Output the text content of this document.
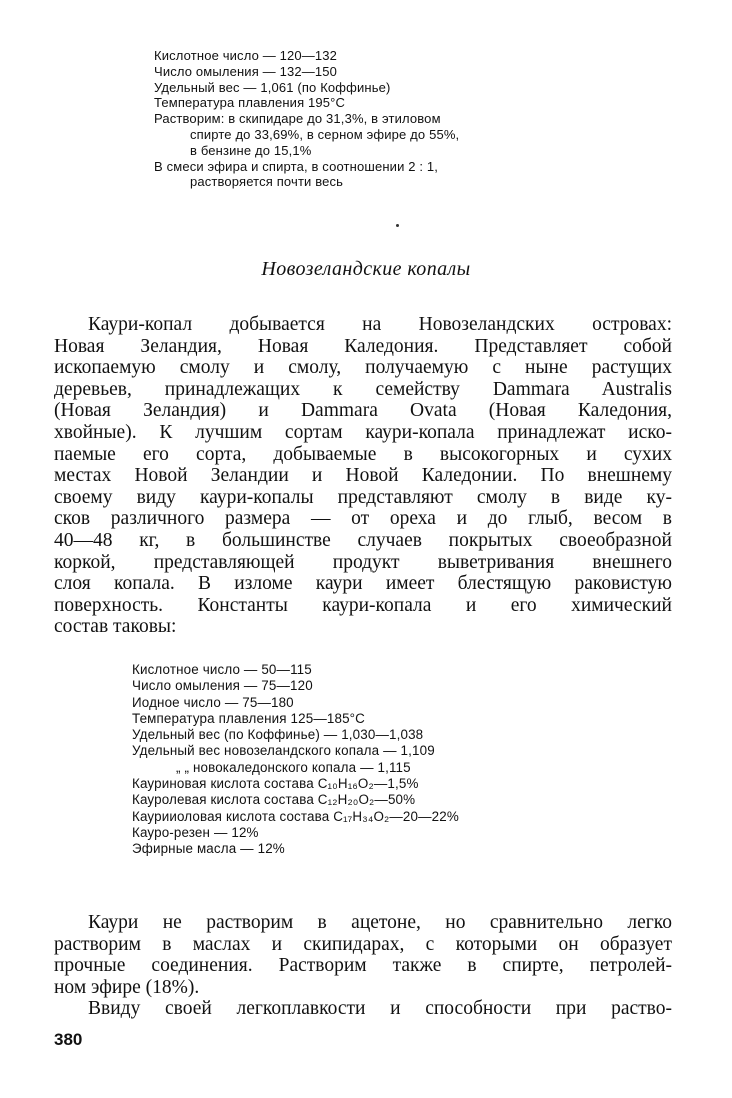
Кислотное число — 120—132
Число омыления — 132—150
Удельный вес — 1,061 (по Коффинье)
Температура плавления 195°C
Растворим: в скипидаре до 31,3%, в этиловом
спирте до 33,69%, в серном эфире до 55%,
в бензине до 15,1%
В смеси эфира и спирта, в соотношении 2 : 1,
растворяется почти весь
Новозеландские копалы
Каури-копал добывается на Новозеландских островах:
Новая Зеландия, Новая Каледония. Представляет собой
ископаемую смолу и смолу, получаемую с ныне растущих
деревьев, принадлежащих к семейству Dammara Australis
(Новая Зеландия) и Dammara Ovata (Новая Каледония,
хвойные). К лучшим сортам каури-копала принадлежат иско-
паемые его сорта, добываемые в высокогорных и сухих
местах Новой Зеландии и Новой Каледонии. По внешнему
своему виду каури-копалы представляют смолу в виде ку-
сков различного размера — от ореха и до глыб, весом в
40—48 кг, в большинстве случаев покрытых своеобразной
коркой, представляющей продукт выветривания внешнего
слоя копала. В изломе каури имеет блестящую раковистую
поверхность. Константы каури-копала и его химический
состав таковы:
Кислотное число — 50—115
Число омыления — 75—120
Иодное число — 75—180
Температура плавления 125—185°C
Удельный вес (по Коффинье) — 1,030—1,038
Удельный вес новозеландского копала — 1,109
„ „ новокаледонского копала — 1,115
Кауриновая кислота состава C₁₀H₁₆O₂—1,5%
Кауролевая кислота состава C₁₂H₂₀O₂—50%
Каурииоловая кислота состава C₁₇H₃₄O₂—20—22%
Кауро-резен — 12%
Эфирные масла — 12%
Каури не растворим в ацетоне, но сравнительно легко
растворим в маслах и скипидарах, с которыми он образует
прочные соединения. Растворим также в спирте, петролей-
ном эфире (18%).
Ввиду своей легкоплавкости и способности при раство-
380
